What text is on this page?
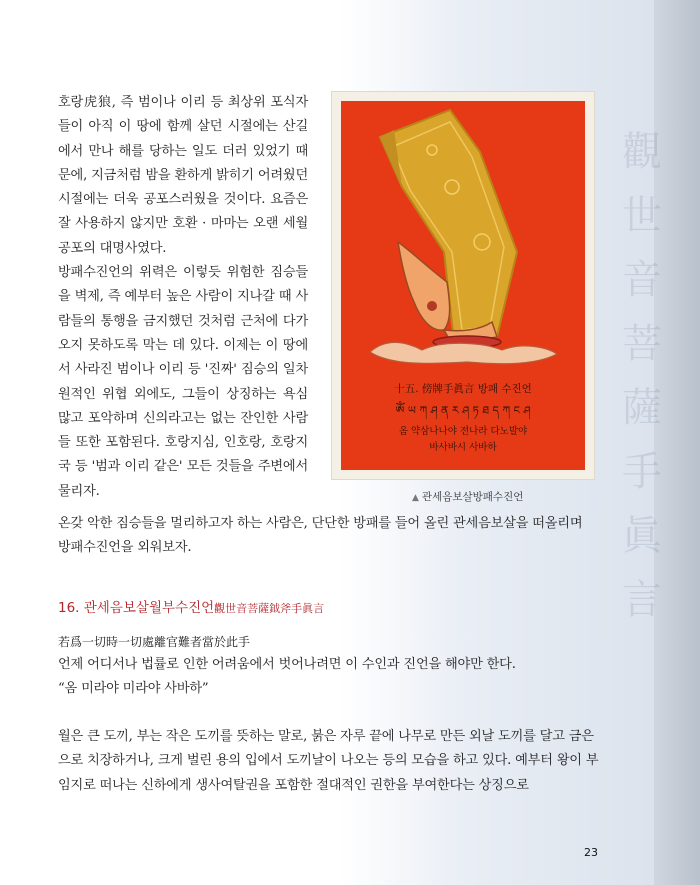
觀
世
音
菩
薩
手
眞
言

호랑虎狼, 즉 범이나 이리 등 최상위 포식자들이 아직 이 땅에 함께 살던 시절에는 산길에서 만나 해를 당하는 일도 더러 있었기 때문에, 지금처럼 밤을 환하게 밝히기 어려웠던 시절에는 더욱 공포스러웠을 것이다. 요즘은 잘 사용하지 않지만 호환 · 마마는 오랜 세월 공포의 대명사였다.

방패수진언의 위력은 이렇듯 위험한 짐승들을 벽제, 즉 예부터 높은 사람이 지나갈 때 사람들의 통행을 금지했던 것처럼 근처에 다가오지 못하도록 막는 데 있다. 이제는 이 땅에서 사라진 범이나 이리 등 '진짜' 짐승의 일차원적인 위협 외에도, 그들이 상징하는 욕심 많고 포악하며 신의라고는 없는 잔인한 사람들 또한 포함된다. 호랑지심, 인호랑, 호랑지국 등 '범과 이리 같은' 모든 것들을 주변에서 물리자.

十五. 傍牌手眞言 방패 수진언
ༀ ཡ ཀ ཤ ན ར ཤ ཏ ཐ ད ཀ ང ཤ
옴 약삼나나야 전나라 다노발야
바사바시 사바하
▲ 관세음보살방패수진언

온갖 악한 짐승들을 멀리하고자 하는 사람은, 단단한 방패를 들어 올린 관세음보살을 떠올리며 방패수진언을 외워보자.

16. 관세음보살월부수진언觀世音菩薩鉞斧手眞言
若爲一切時一切處離官難者當於此手

언제 어디서나 법률로 인한 어려움에서 벗어나려면 이 수인과 진언을 해야만 한다.

“옴 미라야 미라야 사바하”

월은 큰 도끼, 부는 작은 도끼를 뜻하는 말로, 붉은 자루 끝에 나무로 만든 외날 도끼를 달고 금은으로 치장하거나, 크게 벌린 용의 입에서 도끼날이 나오는 등의 모습을 하고 있다. 예부터 왕이 부임지로 떠나는 신하에게 생사여탈권을 포함한 절대적인 권한을 부여한다는 상징으로

23
